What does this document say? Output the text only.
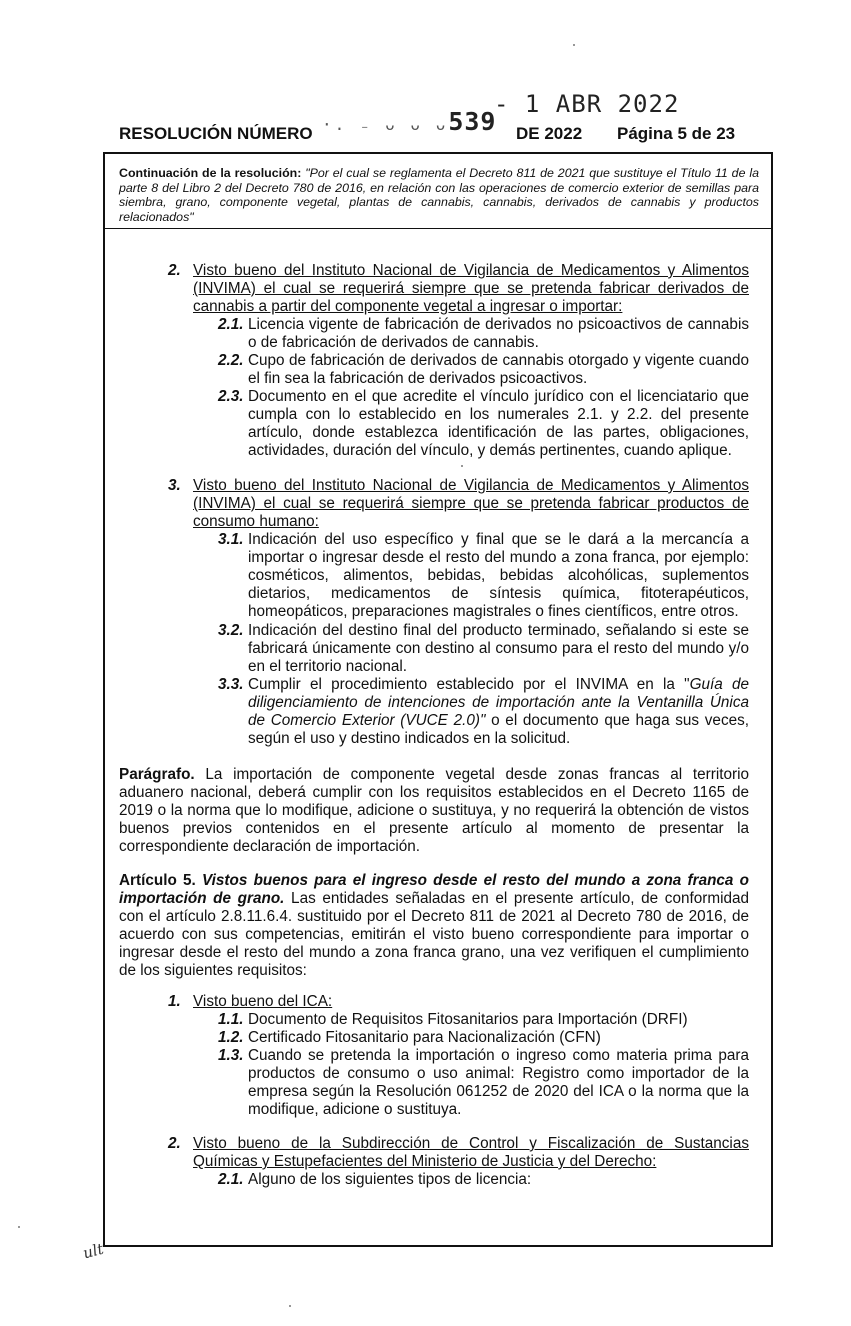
- 1 ABR 2022
RESOLUCIÓN NÚMERO ·. ₋ ᴗ ᴗ ᴗ539 DE 2022 Página 5 de 23
Continuación de la resolución: "Por el cual se reglamenta el Decreto 811 de 2021 que sustituye el Título 11 de la parte 8 del Libro 2 del Decreto 780 de 2016, en relación con las operaciones de comercio exterior de semillas para siembra, grano, componente vegetal, plantas de cannabis, cannabis, derivados de cannabis y productos relacionados"
2. Visto bueno del Instituto Nacional de Vigilancia de Medicamentos y Alimentos (INVIMA) el cual se requerirá siempre que se pretenda fabricar derivados de cannabis a partir del componente vegetal a ingresar o importar:
2.1. Licencia vigente de fabricación de derivados no psicoactivos de cannabis o de fabricación de derivados de cannabis.
2.2. Cupo de fabricación de derivados de cannabis otorgado y vigente cuando el fin sea la fabricación de derivados psicoactivos.
2.3. Documento en el que acredite el vínculo jurídico con el licenciatario que cumpla con lo establecido en los numerales 2.1. y 2.2. del presente artículo, donde establezca identificación de las partes, obligaciones, actividades, duración del vínculo, y demás pertinentes, cuando aplique.
3. Visto bueno del Instituto Nacional de Vigilancia de Medicamentos y Alimentos (INVIMA) el cual se requerirá siempre que se pretenda fabricar productos de consumo humano:
3.1. Indicación del uso específico y final que se le dará a la mercancía a importar o ingresar desde el resto del mundo a zona franca, por ejemplo: cosméticos, alimentos, bebidas, bebidas alcohólicas, suplementos dietarios, medicamentos de síntesis química, fitoterapéuticos, homeopáticos, preparaciones magistrales o fines científicos, entre otros.
3.2. Indicación del destino final del producto terminado, señalando si este se fabricará únicamente con destino al consumo para el resto del mundo y/o en el territorio nacional.
3.3. Cumplir el procedimiento establecido por el INVIMA en la "Guía de diligenciamiento de intenciones de importación ante la Ventanilla Única de Comercio Exterior (VUCE 2.0)" o el documento que haga sus veces, según el uso y destino indicados en la solicitud.
Parágrafo. La importación de componente vegetal desde zonas francas al territorio aduanero nacional, deberá cumplir con los requisitos establecidos en el Decreto 1165 de 2019 o la norma que lo modifique, adicione o sustituya, y no requerirá la obtención de vistos buenos previos contenidos en el presente artículo al momento de presentar la correspondiente declaración de importación.
Artículo 5. Vistos buenos para el ingreso desde el resto del mundo a zona franca o importación de grano. Las entidades señaladas en el presente artículo, de conformidad con el artículo 2.8.11.6.4. sustituido por el Decreto 811 de 2021 al Decreto 780 de 2016, de acuerdo con sus competencias, emitirán el visto bueno correspondiente para importar o ingresar desde el resto del mundo a zona franca grano, una vez verifiquen el cumplimiento de los siguientes requisitos:
1. Visto bueno del ICA:
1.1. Documento de Requisitos Fitosanitarios para Importación (DRFI)
1.2. Certificado Fitosanitario para Nacionalización (CFN)
1.3. Cuando se pretenda la importación o ingreso como materia prima para productos de consumo o uso animal: Registro como importador de la empresa según la Resolución 061252 de 2020 del ICA o la norma que la modifique, adicione o sustituya.
2. Visto bueno de la Subdirección de Control y Fiscalización de Sustancias Químicas y Estupefacientes del Ministerio de Justicia y del Derecho:
2.1. Alguno de los siguientes tipos de licencia:
ult
